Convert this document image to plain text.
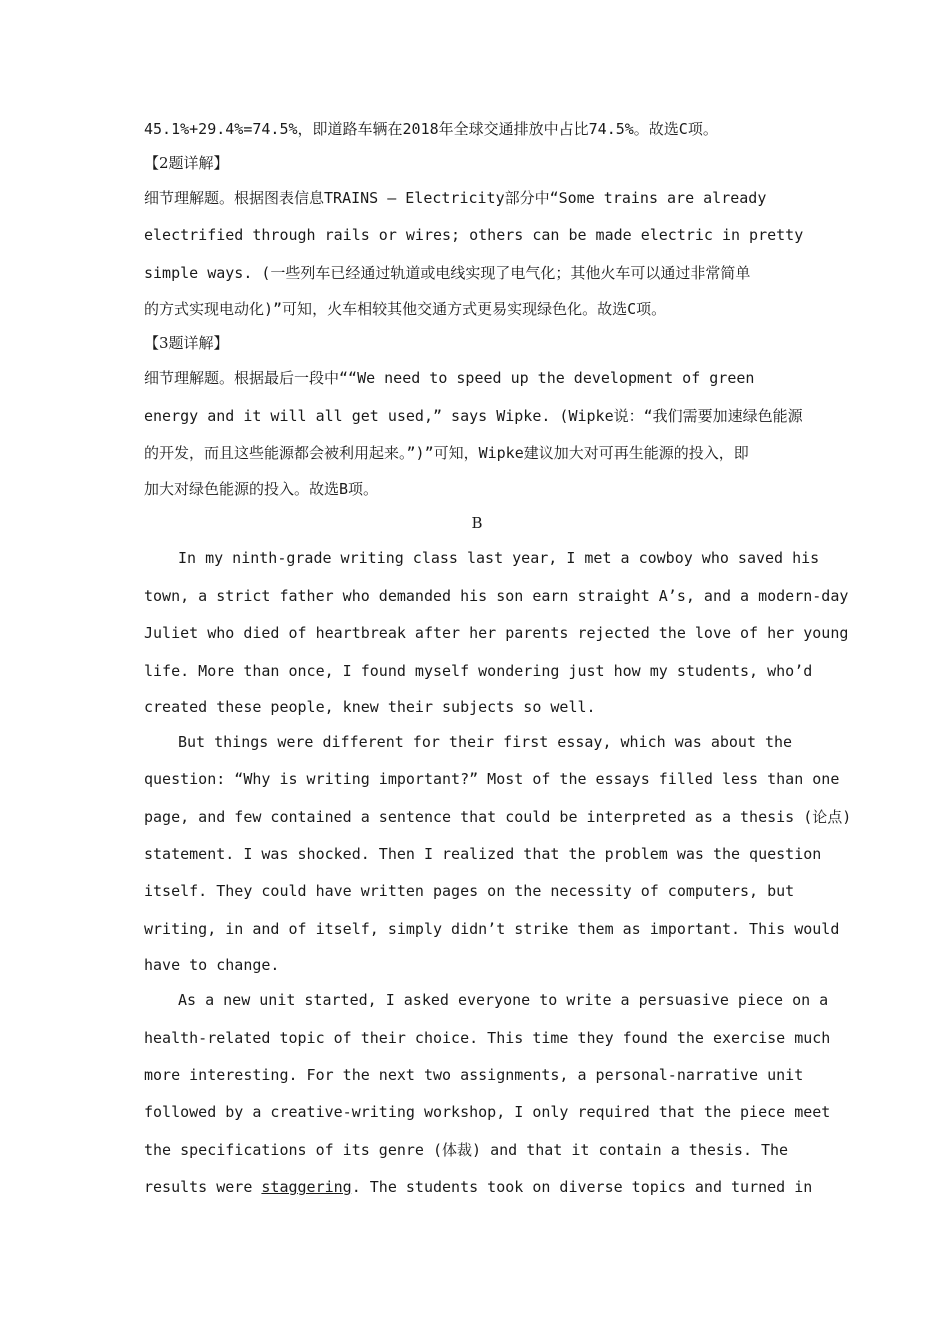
45.1%+29.4%=74.5%，即道路车辆在2018年全球交通排放中占比74.5%。故选C项。
【2题详解】
细节理解题。根据图表信息TRAINS — Electricity部分中“Some trains are already
electrified through rails or wires; others can be made electric in pretty
simple ways. (一些列车已经通过轨道或电线实现了电气化；其他火车可以通过非常简单
的方式实现电动化)”可知，火车相较其他交通方式更易实现绿色化。故选C项。
【3题详解】
细节理解题。根据最后一段中““We need to speed up the development of green
energy and it will all get used,” says Wipke. (Wipke说：“我们需要加速绿色能源
的开发，而且这些能源都会被利用起来。”)”可知，Wipke建议加大对可再生能源的投入，即
加大对绿色能源的投入。故选B项。
B
In my ninth-grade writing class last year, I met a cowboy who saved his
town, a strict father who demanded his son earn straight A’s, and a modern-day
Juliet who died of heartbreak after her parents rejected the love of her young
life. More than once, I found myself wondering just how my students, who’d
created these people, knew their subjects so well.
But things were different for their first essay, which was about the
question: “Why is writing important?” Most of the essays filled less than one
page, and few contained a sentence that could be interpreted as a thesis (论点)
statement. I was shocked. Then I realized that the problem was the question
itself. They could have written pages on the necessity of computers, but
writing, in and of itself, simply didn’t strike them as important. This would
have to change.
As a new unit started, I asked everyone to write a persuasive piece on a
health-related topic of their choice. This time they found the exercise much
more interesting. For the next two assignments, a personal-narrative unit
followed by a creative-writing workshop, I only required that the piece meet
the specifications of its genre (体裁) and that it contain a thesis. The
results were staggering. The students took on diverse topics and turned in
